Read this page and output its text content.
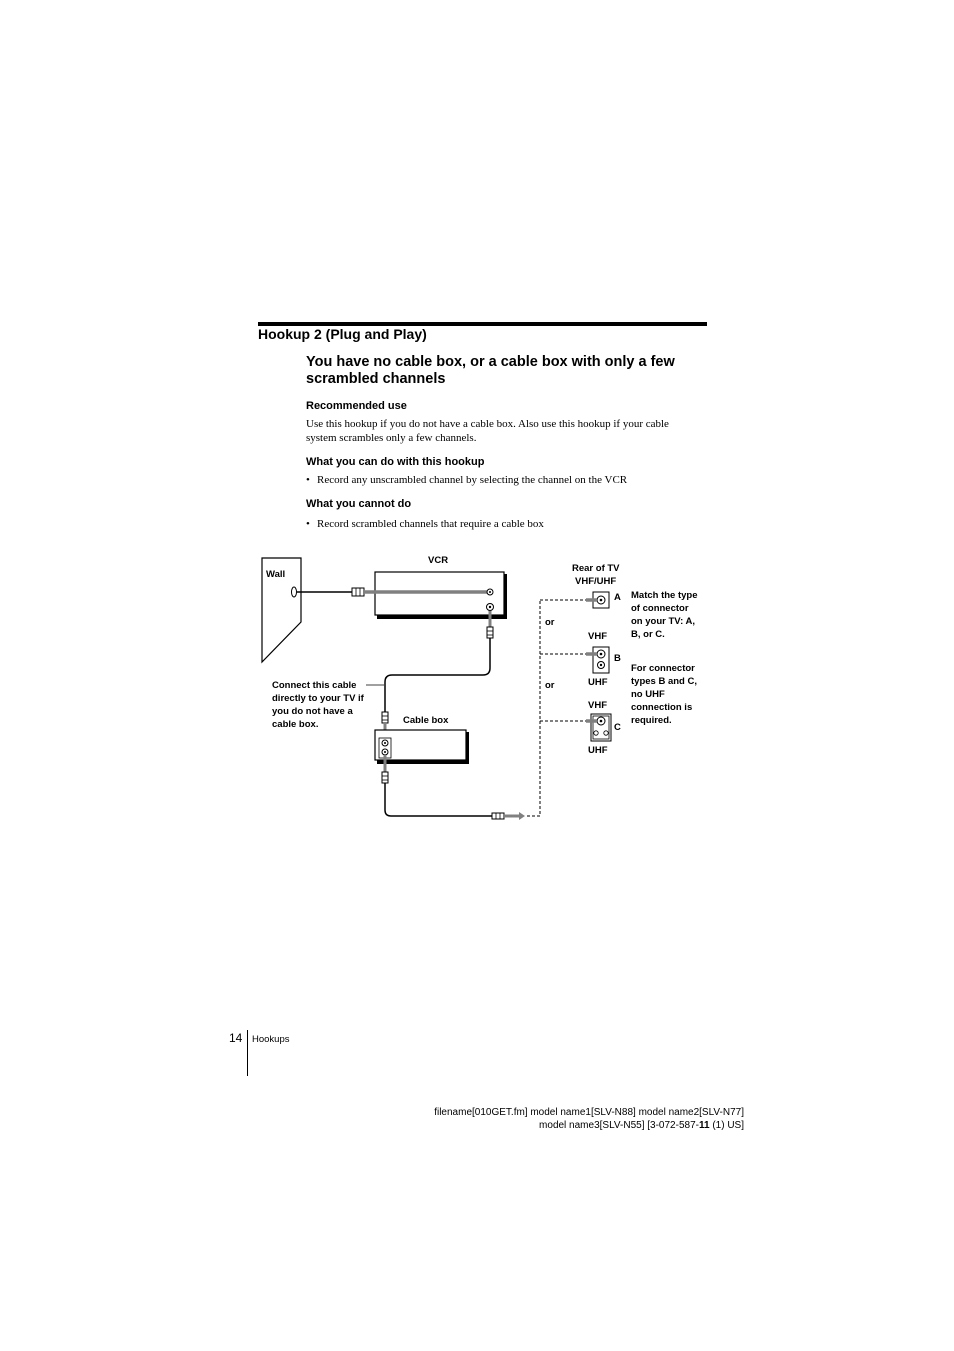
Hookup 2 (Plug and Play)
You have no cable box, or a cable box with only a few
scrambled channels
Recommended use
Use this hookup if you do not have a cable box. Also use this hookup if your cable
system scrambles only a few channels.
What you can do with this hookup
• Record any unscrambled channel by selecting the channel on the VCR
What you cannot do
• Record scrambled channels that require a cable box
Wall
VCR
Cable box
Rear of TV
VHF/UHF
A
or
VHF
B
or	UHF
VHF
C
UHF
Connect this cable
directly to your TV if
you do not have a
cable box.
Match the type
of connector
on your TV: A,
B, or C.
For connector
types B and C,
no UHF
connection is
required.
14 Hookups
filename[010GET.fm] model name1[SLV-N88] model name2[SLV-N77]
model name3[SLV-N55] [3-072-587-11 (1) US]
